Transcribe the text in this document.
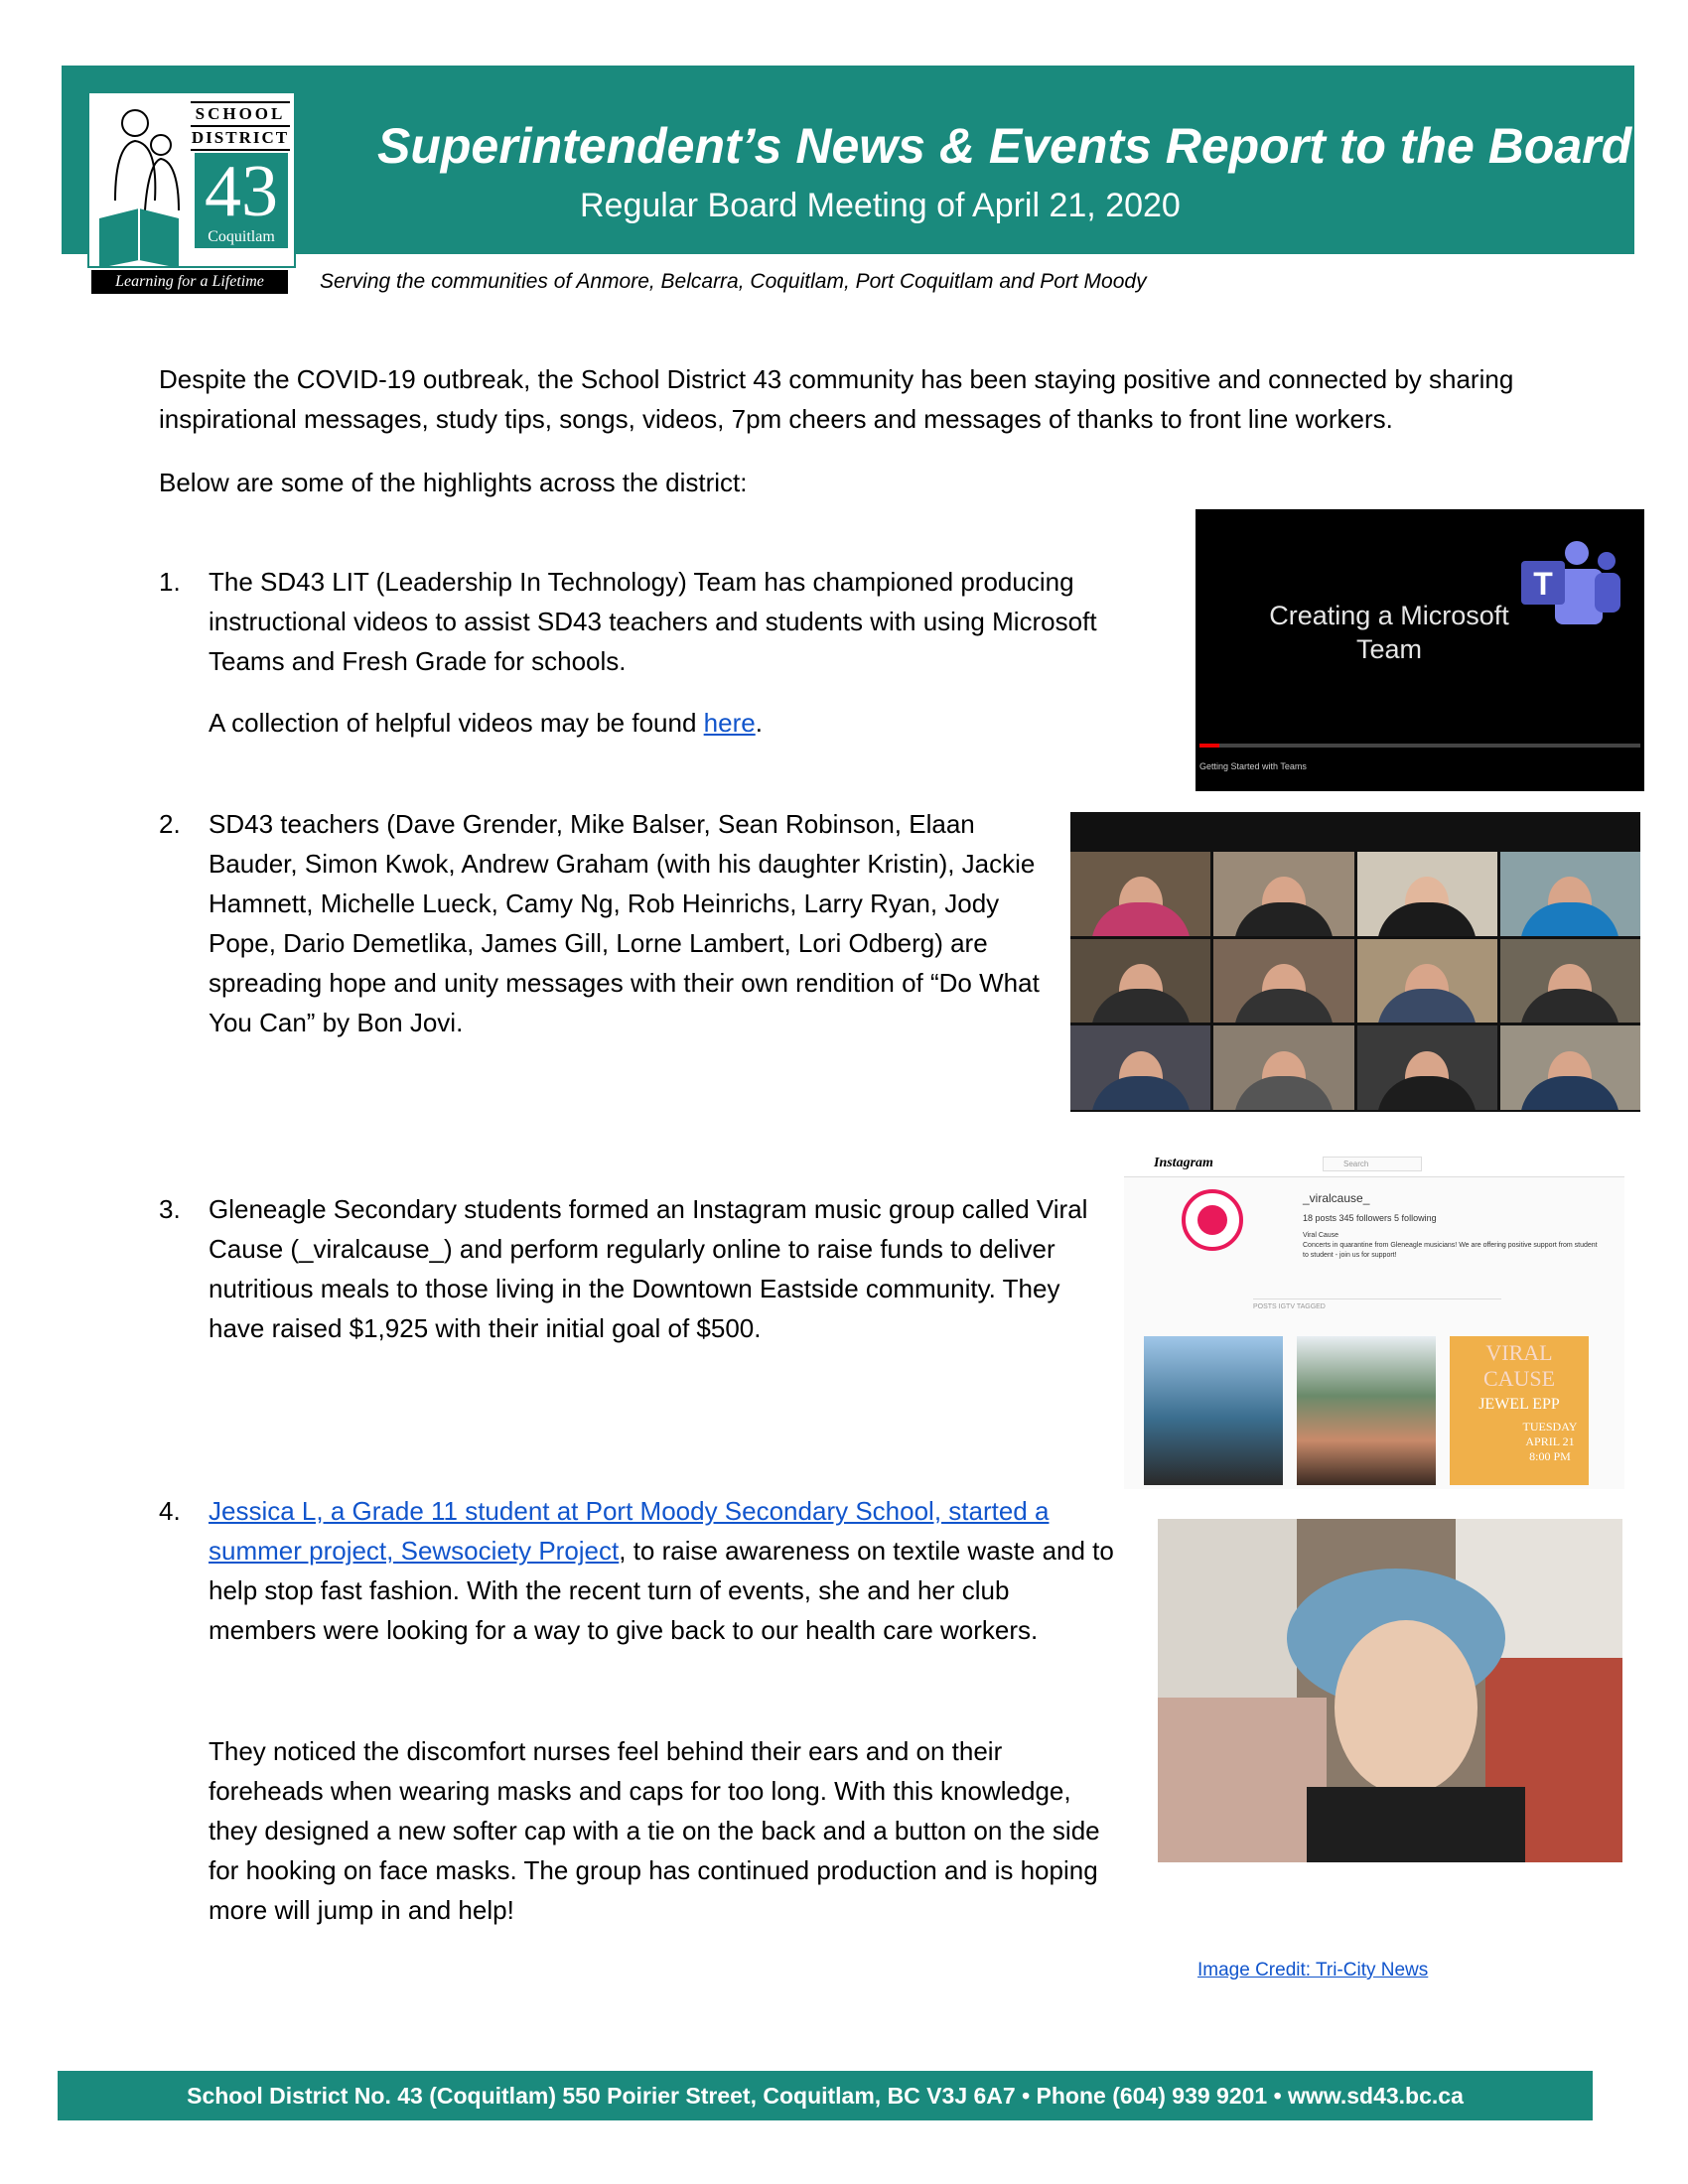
SCHOOL
DISTRICT
43
Coquitlam
Learning for a Lifetime
Superintendent’s News & Events Report to the Board
Regular Board Meeting of April 21, 2020
Serving the communities of Anmore, Belcarra, Coquitlam, Port Coquitlam and Port Moody
Despite the COVID-19 outbreak, the School District 43 community has been staying positive and connected by sharing inspirational messages, study tips, songs, videos, 7pm cheers and messages of thanks to front line workers.
Below are some of the highlights across the district:
1. The SD43 LIT (Leadership In Technology) Team has championed producing instructional videos to assist SD43 teachers and students with using Microsoft Teams and Fresh Grade for schools.
A collection of helpful videos may be found here.
Creating a Microsoft Team
T
Getting Started with Teams
2. SD43 teachers (Dave Grender, Mike Balser, Sean Robinson, Elaan Bauder, Simon Kwok, Andrew Graham (with his daughter Kristin), Jackie Hamnett, Michelle Lueck, Camy Ng, Rob Heinrichs, Larry Ryan, Jody Pope, Dario Demetlika, James Gill, Lorne Lambert, Lori Odberg) are spreading hope and unity messages with their own rendition of “Do What You Can” by Bon Jovi.
3. Gleneagle Secondary students formed an Instagram music group called Viral Cause (_viralcause_) and perform regularly online to raise funds to deliver nutritious meals to those living in the Downtown Eastside community. They have raised $1,925 with their initial goal of $500.
Instagram	Search
_viralcause_
18 posts 345 followers 5 following
Viral Cause
Concerts in quarantine from Gleneagle musicians! We are offering positive support from student to student - join us for support!
POSTS IGTV TAGGED
VIRAL
CAUSE
JEWEL EPP
TUESDAY APRIL 21 8:00 PM
4. Jessica L, a Grade 11 student at Port Moody Secondary School, started a summer project, Sewsociety Project, to raise awareness on textile waste and to help stop fast fashion. With the recent turn of events, she and her club members were looking for a way to give back to our health care workers.
They noticed the discomfort nurses feel behind their ears and on their foreheads when wearing masks and caps for too long. With this knowledge, they designed a new softer cap with a tie on the back and a button on the side for hooking on face masks. The group has continued production and is hoping more will jump in and help!
Image Credit: Tri-City News
School District No. 43 (Coquitlam) 550 Poirier Street, Coquitlam, BC V3J 6A7 • Phone (604) 939 9201 • www.sd43.bc.ca
